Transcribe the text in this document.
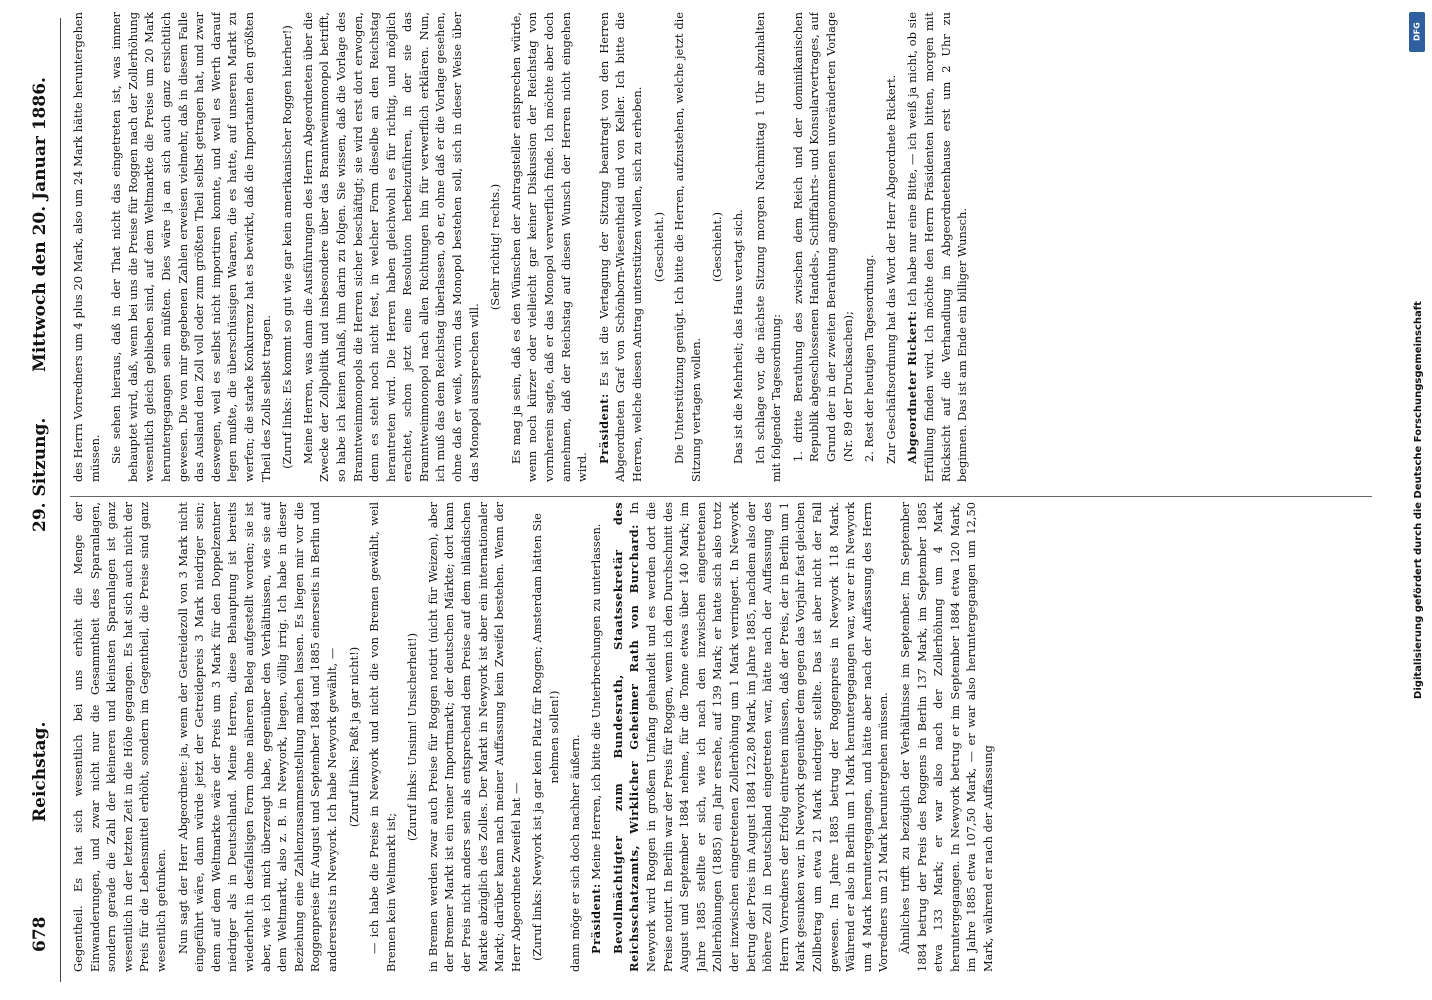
678
Reichstag.
29. Sitzung.
Mittwoch den 20. Januar 1886.

Gegentheil. Es hat sich wesentlich bei uns erhöht die Menge der Einwanderungen, und zwar nicht nur die Gesammtheit des Sparanlagen, sondern gerade die Zahl der kleineren und kleinsten Sparanlagen ist ganz wesentlich in der letzten Zeit in die Höhe gegangen. Es hat sich auch nicht der Preis für die Lebensmittel erhöht, sondern im Gegentheil, die Preise sind ganz wesentlich gefunken. Nun sagt der Herr Abgeordnete: ja, wenn der Getreidezoll von 3 Mark nicht eingeführt wäre, dann würde jetzt der Getreidepreis 3 Mark niedriger sein; denn auf dem Weltmarkte wäre der Preis um 3 Mark für den Doppelzentner niedriger als in Deutschland. Meine Herren, diese Behauptung ist bereits wiederholt in desfallsigen Form ohne näheren Beleg aufgestellt worden; sie ist aber, wie ich mich überzeugt habe, gegenüber den Verhältnissen, wie sie auf dem Weltmarkt, also z. B. in Newyork, liegen, völlig irrig. Ich habe in dieser Beziehung eine Zahlenzusammenstellung machen lassen. Es liegen mir vor die Roggenpreise für August und September 1884 und 1885 einerseits in Berlin und andererseits in Newyork. Ich habe Newyork gewählt, — (Zuruf links: Paßt ja gar nicht!) — ich habe die Preise in Newyork und nicht die von Bremen gewählt, weil Bremen kein Weltmarkt ist;

(Zuruf links: Unsinn! Unsicherheit!) in Bremen werden zwar auch Preise für Roggen notirt (nicht für Weizen), aber der Bremer Markt ist ein reiner Importmarkt; der deutschen Märkte; dort kann der Preis nicht anders sein als entsprechend dem Preise auf dem inländischen Markte abzüglich des Zolles. Der Markt in Newyork ist aber ein internationaler Markt; darüber kann nach meiner Auffassung kein Zweifel bestehen. Wenn der Herr Abgeordnete Zweifel hat — (Zuruf links: Newyork ist ja gar kein Platz für Roggen; Amsterdam hätten Sie nehmen sollen!) dann möge er sich doch nachher äußern. Präsident: Meine Herren, ich bitte die Unterbrechungen zu unterlassen. Bevollmächtigter zum Bundesrath, Staatssekretär des Reichsschatzamts, Wirklicher Geheimer Rath von Burchard: In Newyork wird Roggen in großem Umfang gehandelt und es werden dort die Preise notirt. In Berlin war der Preis für Roggen, wenn ich den Durchschnitt des August und September 1884 nehme, für die Tonne etwas über 140 Mark; im Jahre 1885 stellte er sich, wie ich nach den inzwischen eingetretenen Zollerhöhungen (1885) ein Jahr ersehe, auf 139 Mark; er hatte sich also trotz der inzwischen eingetretenen Zollerhöhung um 1 Mark verringert. In Newyork betrug der Preis im August 1884 122,80 Mark, im Jahre 1885, nachdem also der höhere Zoll in Deutschland eingetreten war, hätte nach der Auffassung des Herrn Vorredners der Erfolg eintreten müssen, daß der Preis, der in Berlin um 1 Mark gesunken war, in Newyork gegenüber dem gegen das Vorjahr fast gleichen Zollbetrag um etwa 21 Mark niedriger stellte. Das ist aber nicht der Fall gewesen. Im Jahre 1885 betrug der Roggenpreis in Newyork 118 Mark. Während er also in Berlin um 1 Mark heruntergegangen war, war er in Newyork um 4 Mark heruntergegangen, und hätte aber nach der Auffassung des Herrn Vorredners um 21 Mark heruntergehen müssen. Ähnliches trifft zu bezüglich der Verhältnisse im September. Im September 1884 betrug der Preis des Roggens in Berlin 137 Mark, im September 1885 etwa 133 Mark; er war also nach der Zollerhöhung um 4 Mark heruntergegangen. In Newyork betrug er im September 1884 etwa 120 Mark, im Jahre 1885 etwa 107,50 Mark, — er war also heruntergegangen um 12,50 Mark, während er nach der Auffassung

des Herrn Vorredners um 4 plus 20 Mark, also um 24 Mark hätte heruntergehen müssen. Sie sehen hieraus, daß in der That nicht das eingetreten ist, was immer behauptet wird, daß, wenn bei uns die Preise für Roggen nach der Zollerhöhung wesentlich gleich geblieben sind, auf dem Weltmarkte die Preise um 20 Mark heruntergegangen sein müßten. Dies wäre ja an sich auch ganz ersichtlich gewesen. Die von mir gegebenen Zahlen erweisen vielmehr, daß in diesem Falle das Ausland den Zoll voll oder zum größten Theil selbst getragen hat, und zwar deswegen, weil es selbst nicht importiren konnte, und weil es Werth darauf legen mußte, die überschüssigen Waaren, die es hatte, auf unseren Markt zu werfen; die starke Konkurrenz hat es bewirkt, daß die Importanten den größten Theil des Zolls selbst tragen. (Zuruf links: Es kommt so gut wie gar kein amerikanischer Roggen hierher!) Meine Herren, was dann die Ausführungen des Herrn Abgeordneten über die Zwecke der Zollpolitik und insbesondere über das Branntweinmonopol betrifft, so habe ich keinen Anlaß, ihm darin zu folgen. Sie wissen, daß die Vorlage des Branntweinmonopols die Herren sicher beschäftigt; sie wird erst dort erwogen, denn es steht noch nicht fest, in welcher Form dieselbe an den Reichstag herantreten wird. Die Herren haben gleichwohl es für richtig, und möglich erachtet, schon jetzt eine Resolution herbeizuführen, in der sie das Branntweinmonopol nach allen Richtungen hin für verwerflich erklären. Nun, ich muß das dem Reichstag überlassen, ob er, ohne daß er die Vorlage gesehen, ohne daß er weiß, worin das Monopol bestehen soll, sich in dieser Weise über das Monopol aussprechen will.

(Sehr richtig! rechts.) Es mag ja sein, daß es den Wünschen der Antragsteller entsprechen würde, wenn noch kürzer oder vielleicht gar keiner Diskussion der Reichstag von vornherein sagte, daß er das Monopol verwerflich finde. Ich möchte aber doch annehmen, daß der Reichstag auf diesen Wunsch der Herren nicht eingehen wird.

Präsident: Es ist die Vertagung der Sitzung beantragt von den Herren Abgeordneten Graf von Schönborn-Wiesentheid und von Keller. Ich bitte die Herren, welche diesen Antrag unterstützen wollen, sich zu erheben. (Geschieht.) Die Unterstützung genügt. Ich bitte die Herren, aufzustehen, welche jetzt die Sitzung vertagen wollen.

(Geschieht.) Das ist die Mehrheit; das Haus vertagt sich. Ich schlage vor, die nächste Sitzung morgen Nachmittag 1 Uhr abzuhalten mit folgender Tagesordnung: 1. dritte Berathung des zwischen dem Reich und der dominikanischen Republik abgeschlossenen Handels-, Schifffahrts- und Konsularvertrages, auf Grund der in der zweiten Berathung angenommenen unveränderten Vorlage (Nr. 89 der Drucksachen); 2. Rest der heutigen Tagesordnung. Zur Geschäftsordnung hat das Wort der Herr Abgeordnete Rickert. Abgeordneter Rickert: Ich habe nur eine Bitte, — ich weiß ja nicht, ob sie Erfüllung finden wird. Ich möchte den Herrn Präsidenten bitten, morgen mit Rücksicht auf die Verhandlung im Abgeordnetenhause erst um 2 Uhr zu beginnen. Das ist am Ende ein billiger Wunsch.

DFG
Digitalisierung gefördert durch die Deutsche Forschungsgemeinschaft
